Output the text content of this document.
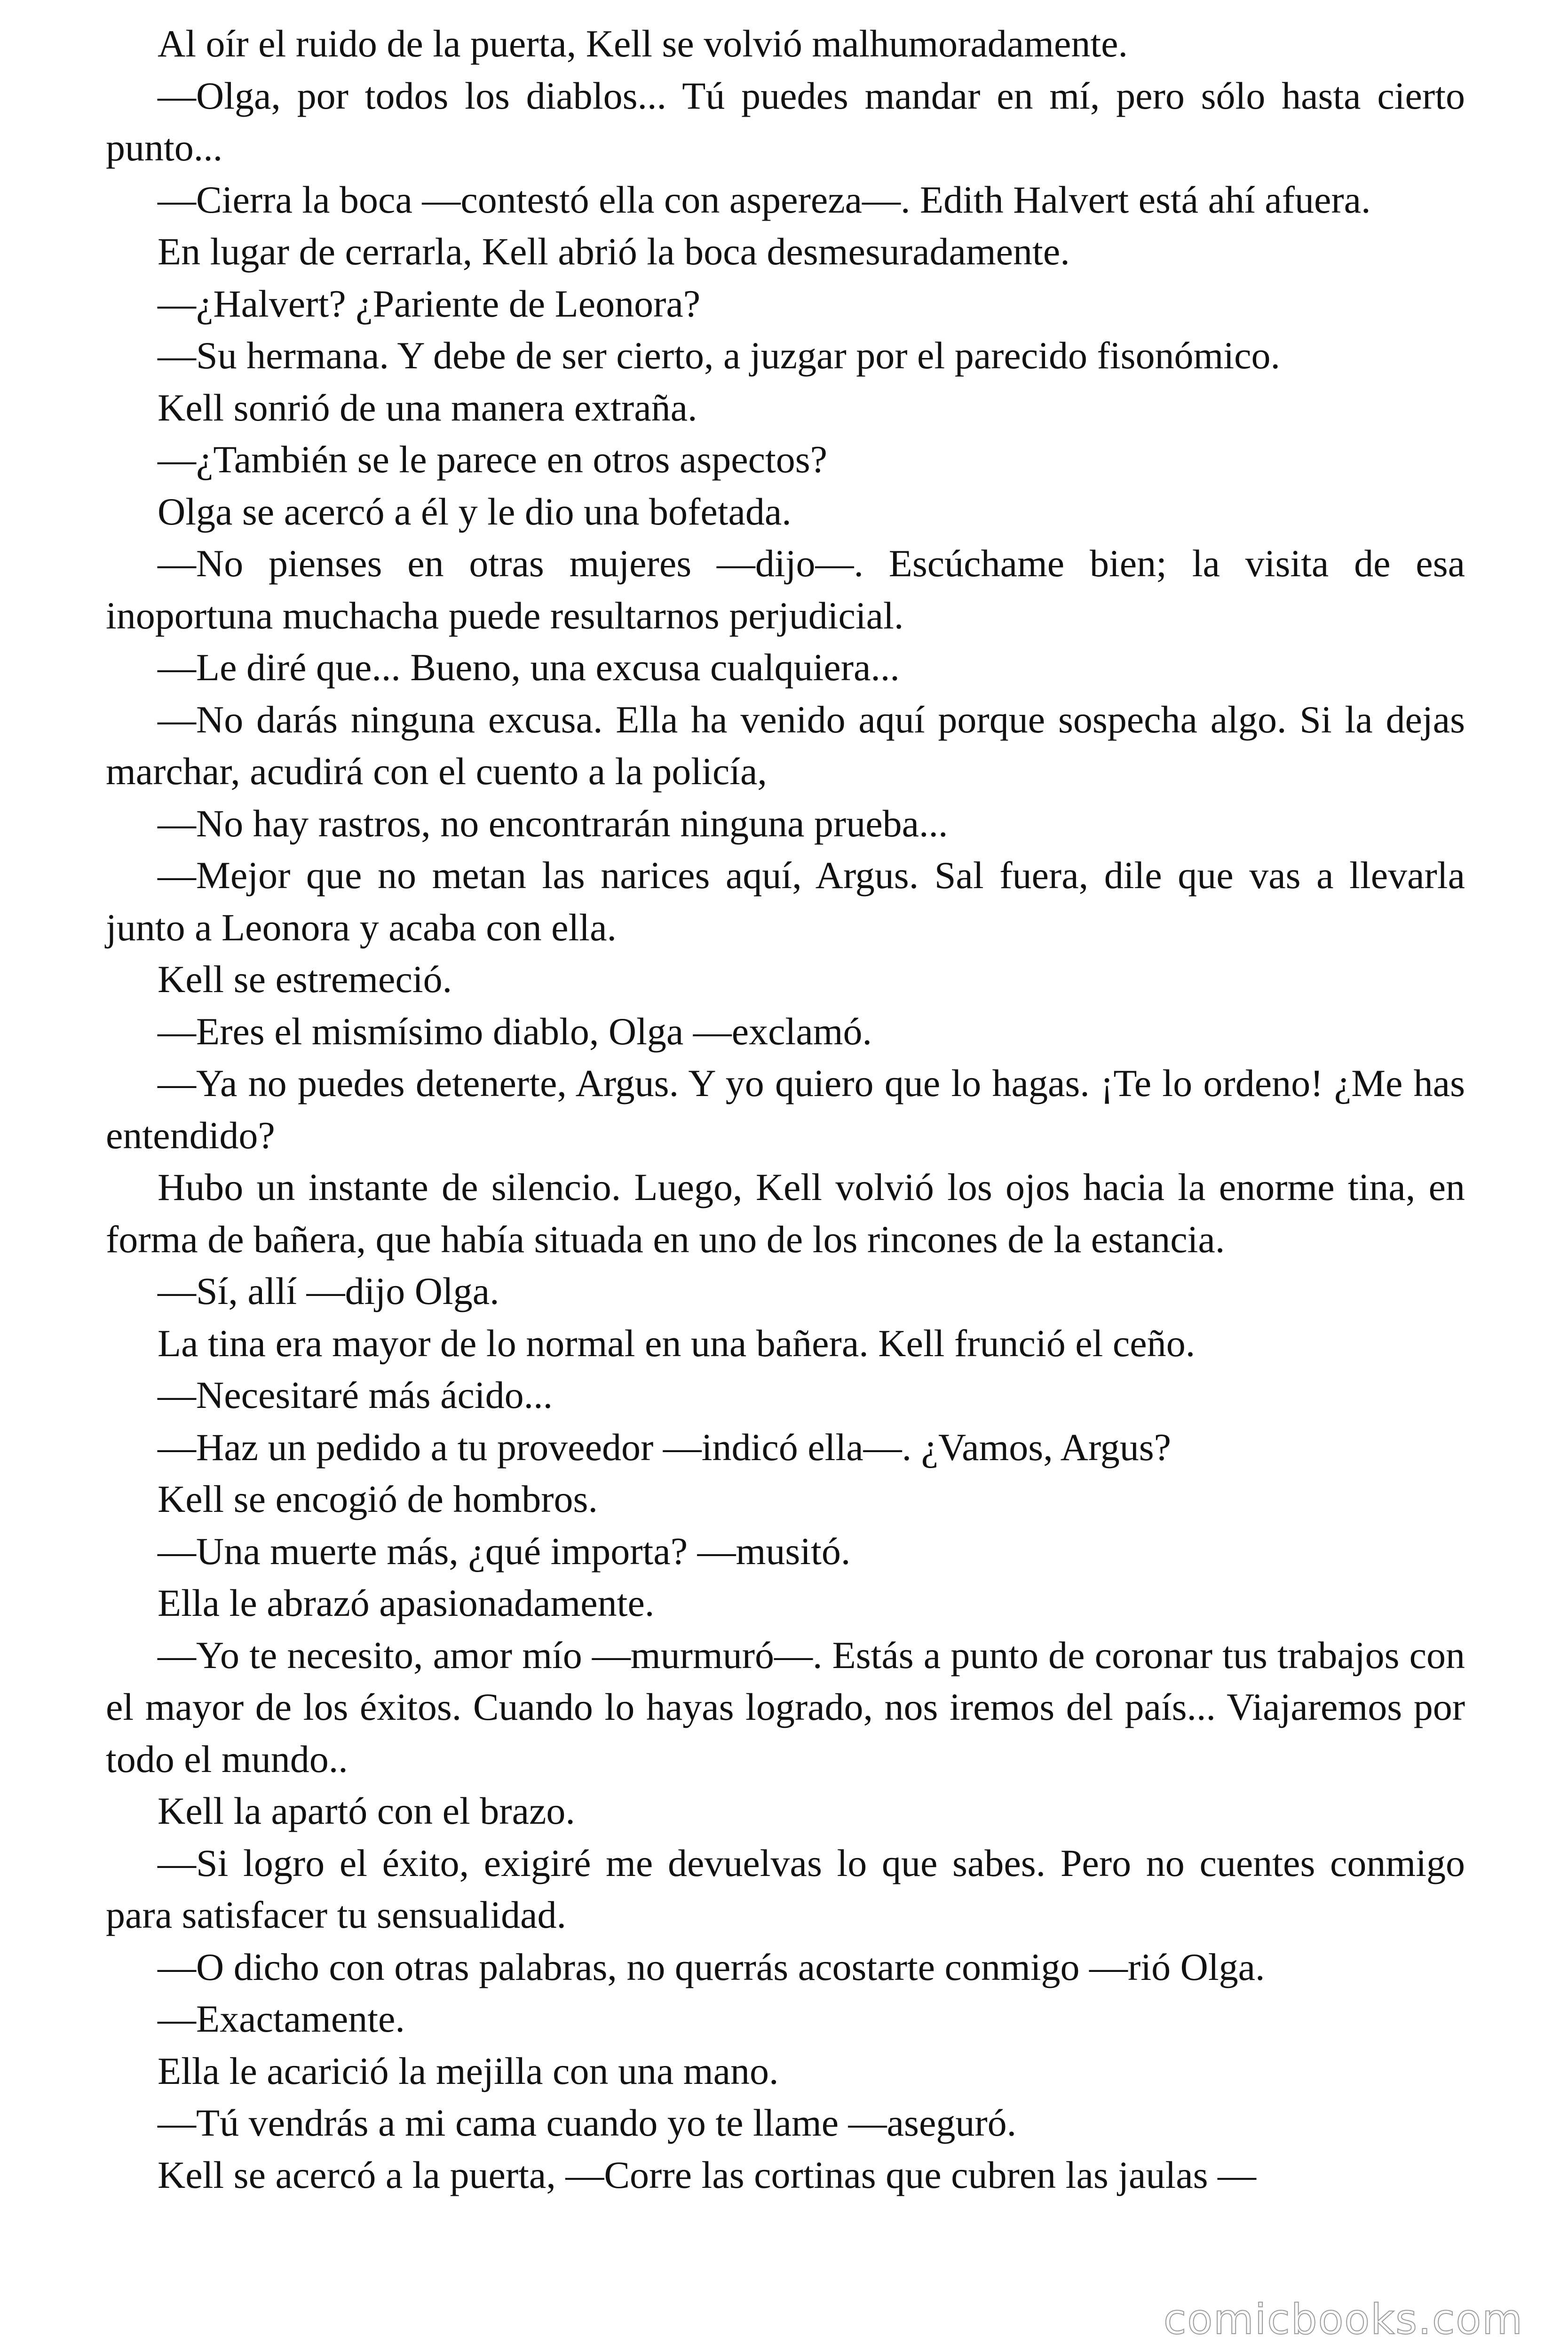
Al oír el ruido de la puerta, Kell se volvió malhumoradamente.

—Olga, por todos los diablos... Tú puedes mandar en mí, pero sólo hasta cierto punto...

—Cierra la boca —contestó ella con aspereza—. Edith Halvert está ahí afuera.

En lugar de cerrarla, Kell abrió la boca desmesuradamente.

—¿Halvert? ¿Pariente de Leonora?

—Su hermana. Y debe de ser cierto, a juzgar por el parecido fisonómico.

Kell sonrió de una manera extraña.

—¿También se le parece en otros aspectos?

Olga se acercó a él y le dio una bofetada.

—No pienses en otras mujeres —dijo—. Escúchame bien; la visita de esa inoportuna muchacha puede resultarnos perjudicial.

—Le diré que... Bueno, una excusa cualquiera...

—No darás ninguna excusa. Ella ha venido aquí porque sospecha algo. Si la dejas marchar, acudirá con el cuento a la policía,

—No hay rastros, no encontrarán ninguna prueba...

—Mejor que no metan las narices aquí, Argus. Sal fuera, dile que vas a llevarla junto a Leonora y acaba con ella.

Kell se estremeció.

—Eres el mismísimo diablo, Olga —exclamó.

—Ya no puedes detenerte, Argus. Y yo quiero que lo hagas. ¡Te lo ordeno! ¿Me has entendido?

Hubo un instante de silencio. Luego, Kell volvió los ojos hacia la enorme tina, en forma de bañera, que había situada en uno de los rincones de la estancia.

—Sí, allí —dijo Olga.

La tina era mayor de lo normal en una bañera. Kell frunció el ceño.

—Necesitaré más ácido...

—Haz un pedido a tu proveedor —indicó ella—. ¿Vamos, Argus?

Kell se encogió de hombros.

—Una muerte más, ¿qué importa? —musitó.

Ella le abrazó apasionadamente.

—Yo te necesito, amor mío —murmuró—. Estás a punto de coronar tus trabajos con el mayor de los éxitos. Cuando lo hayas logrado, nos iremos del país... Viajaremos por todo el mundo..

Kell la apartó con el brazo.

—Si logro el éxito, exigiré me devuelvas lo que sabes. Pero no cuentes conmigo para satisfacer tu sensualidad.

—O dicho con otras palabras, no querrás acostarte conmigo —rió Olga.

—Exactamente.

Ella le acarició la mejilla con una mano.

—Tú vendrás a mi cama cuando yo te llame —aseguró.

Kell se acercó a la puerta, —Corre las cortinas que cubren las jaulas —

comicbooks.com
